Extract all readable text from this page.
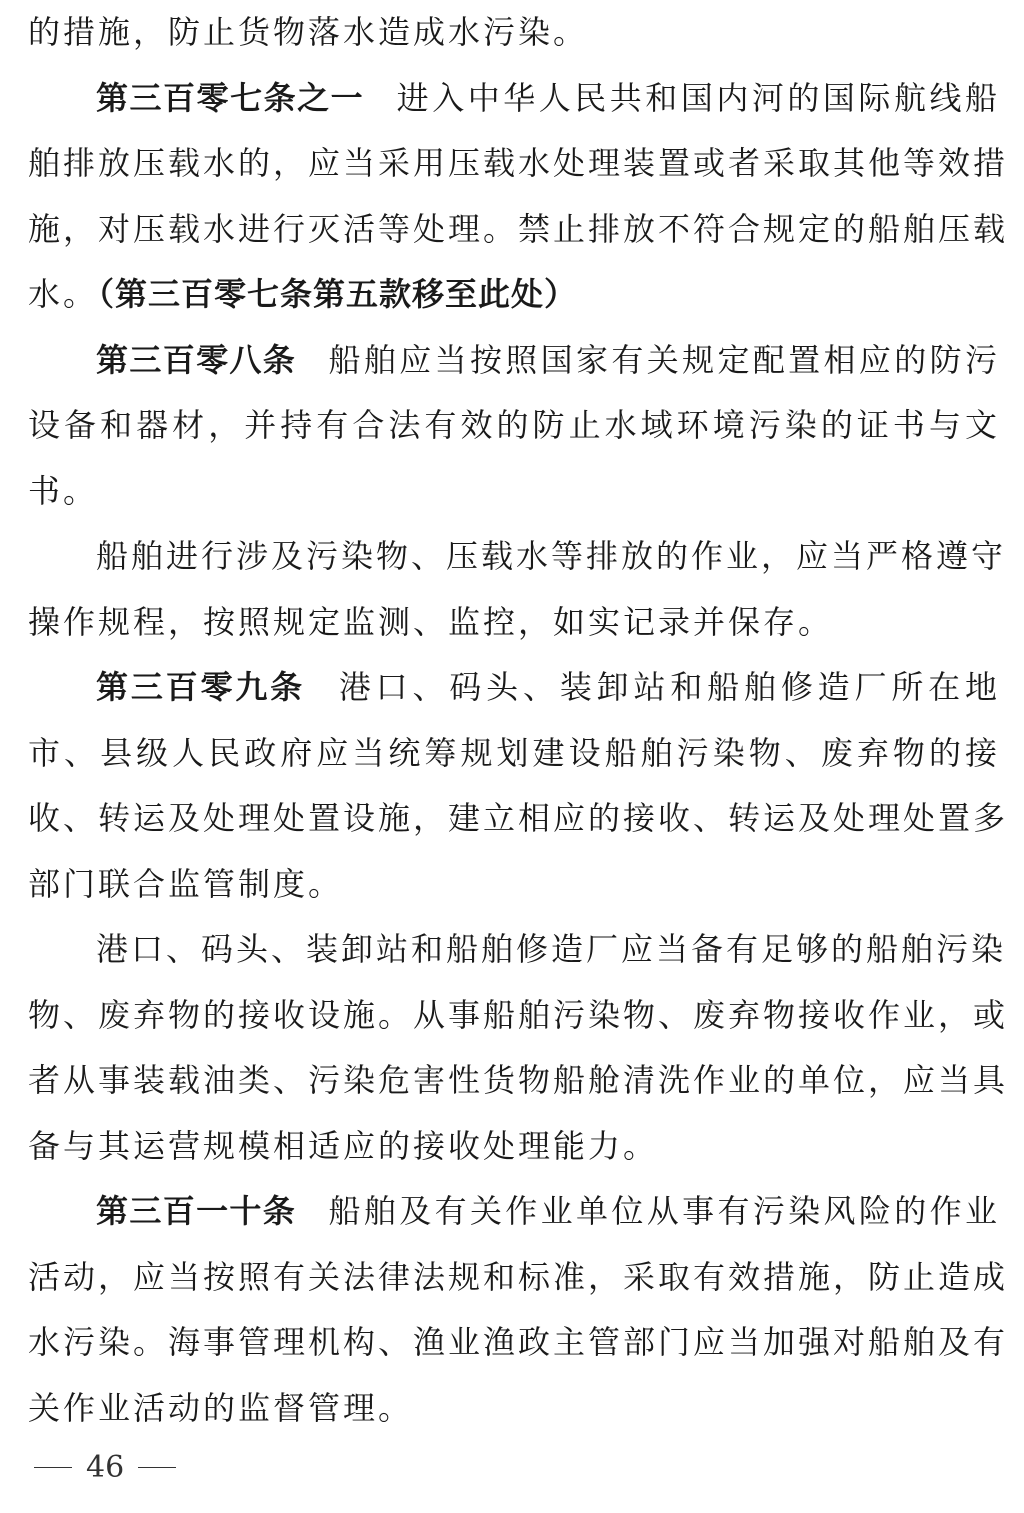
的措施，防止货物落水造成水污染。
第三百零七条之一 进入中华人民共和国内河的国际航线船
舶排放压载水的，应当采用压载水处理装置或者采取其他等效措
施，对压载水进行灭活等处理。禁止排放不符合规定的船舶压载
水。（第三百零七条第五款移至此处）
第三百零八条 船舶应当按照国家有关规定配置相应的防污
设备和器材，并持有合法有效的防止水域环境污染的证书与文
书。
船舶进行涉及污染物、压载水等排放的作业，应当严格遵守
操作规程，按照规定监测、监控，如实记录并保存。
第三百零九条 港口、码头、装卸站和船舶修造厂所在地
市、县级人民政府应当统筹规划建设船舶污染物、废弃物的接
收、转运及处理处置设施，建立相应的接收、转运及处理处置多
部门联合监管制度。
港口、码头、装卸站和船舶修造厂应当备有足够的船舶污染
物、废弃物的接收设施。从事船舶污染物、废弃物接收作业，或
者从事装载油类、污染危害性货物船舱清洗作业的单位，应当具
备与其运营规模相适应的接收处理能力。
第三百一十条 船舶及有关作业单位从事有污染风险的作业
活动，应当按照有关法律法规和标准，采取有效措施，防止造成
水污染。海事管理机构、渔业渔政主管部门应当加强对船舶及有
关作业活动的监督管理。
46
